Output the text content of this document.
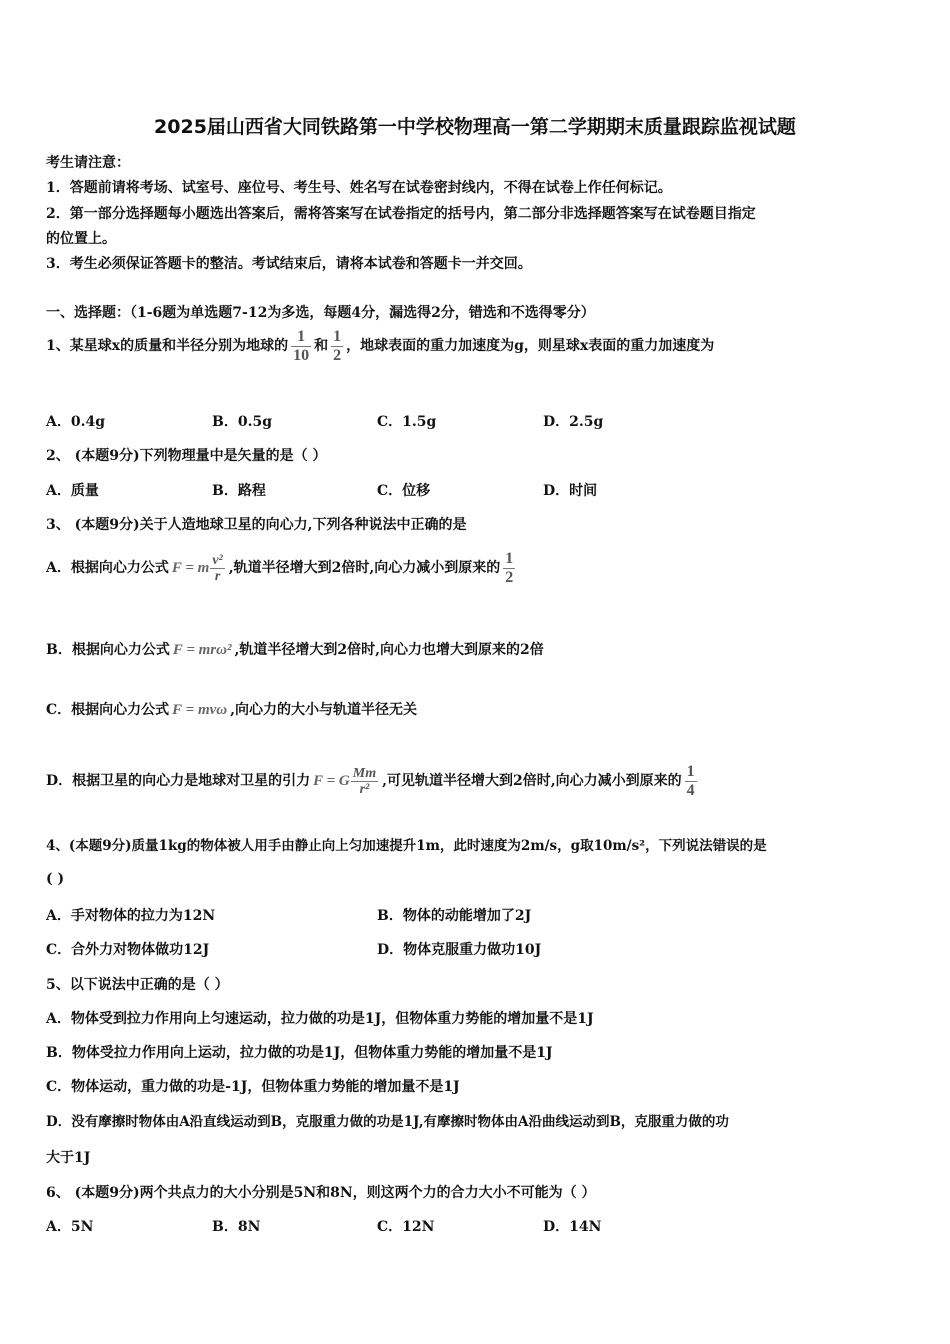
2025届山西省大同铁路第一中学校物理高一第二学期期末质量跟踪监视试题
考生请注意：
1．答题前请将考场、试室号、座位号、考生号、姓名写在试卷密封线内，不得在试卷上作任何标记。
2．第一部分选择题每小题选出答案后，需将答案写在试卷指定的括号内，第二部分非选择题答案写在试卷题目指定
的位置上。
3．考生必须保证答题卡的整洁。考试结束后，请将本试卷和答题卡一并交回。
一、选择题：（1-6题为单选题7-12为多选，每题4分，漏选得2分，错选和不选得零分）
1、某星球x的质量和半径分别为地球的 $\frac{1}{10}$ 和 $\frac{1}{2}$ ，地球表面的重力加速度为g，则星球x表面的重力加速度为
A．0.4g	B．0.5g	C．1.5g	D．2.5g
2、 (本题9分)下列物理量中是矢量的是（ ）
A．质量	B．路程	C．位移	D．时间
3、 (本题9分)关于人造地球卫星的向心力,下列各种说法中正确的是
A．根据向心力公式 F = m $\frac{\text{v²}}{r}$ ,轨道半径增大到2倍时,向心力减小到原来的 $\frac{1}{2}$
B．根据向心力公式 F = mrω² ,轨道半径增大到2倍时,向心力也增大到原来的2倍
C．根据向心力公式 F = mvω ,向心力的大小与轨道半径无关
D．根据卫星的向心力是地球对卫星的引力 F = G $\frac{Mm}{\text{r²}}$ ,可见轨道半径增大到2倍时,向心力减小到原来的 $\frac{1}{4}$
4、(本题9分)质量1kg的物体被人用手由静止向上匀加速提升1m，此时速度为2m/s，g取10m/s²，下列说法错误的是
( )
A．手对物体的拉力为12N	B．物体的动能增加了2J
C．合外力对物体做功12J	D．物体克服重力做功10J
5、以下说法中正确的是（ ）
A．物体受到拉力作用向上匀速运动，拉力做的功是1J，但物体重力势能的增加量不是1J
B．物体受拉力作用向上运动，拉力做的功是1J，但物体重力势能的增加量不是1J
C．物体运动，重力做的功是-1J，但物体重力势能的增加量不是1J
D．没有摩擦时物体由A沿直线运动到B，克服重力做的功是1J,有摩擦时物体由A沿曲线运动到B，克服重力做的功
大于1J
6、 (本题9分)两个共点力的大小分别是5N和8N，则这两个力的合力大小不可能为（ ）
A．5N	B．8N	C．12N	D．14N
